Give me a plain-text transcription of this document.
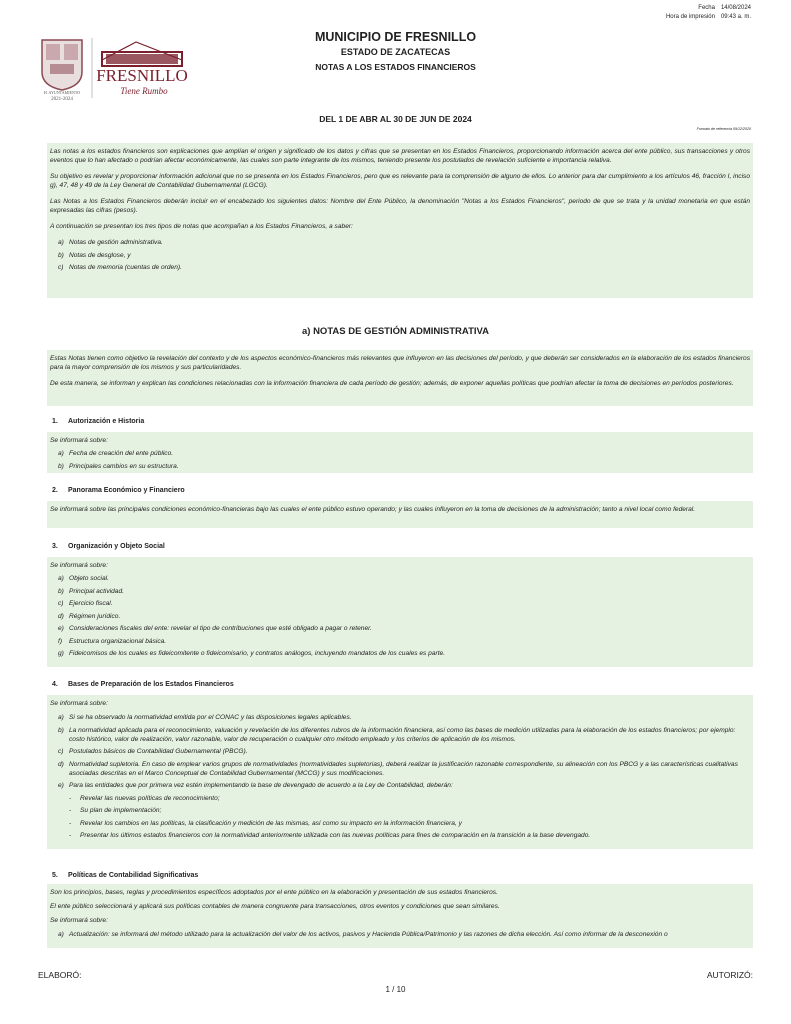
H. AYUNTAMIENTO
2021-2024
FRESNILLO
Tiene Rumbo
MUNICIPIO DE FRESNILLO
ESTADO DE ZACATECAS
NOTAS A LOS ESTADOS FINANCIEROS
Fecha 14/08/2024
Hora de impresión 09:43 a. m.
DEL 1 DE ABR AL 30 DE JUN DE 2024
Formato de referencia 09/12/2020

Las notas a los estados financieros son explicaciones que amplían el origen y significado de los datos y cifras que se presentan en los Estados Financieros, proporcionando información acerca del ente público, sus transacciones y otros eventos que lo han afectado o podrían afectar económicamente, las cuales son parte integrante de los mismos, teniendo presente los postulados de revelación suficiente e importancia relativa.

Su objetivo es revelar y proporcionar información adicional que no se presenta en los Estados Financieros, pero que es relevante para la comprensión de alguno de ellos. Lo anterior para dar cumplimiento a los artículos 46, fracción I, inciso g), 47, 48 y 49 de la Ley General de Contabilidad Gubernamental (LGCG).

Las Notas a los Estados Financieros deberán incluir en el encabezado los siguientes datos: Nombre del Ente Público, la denominación "Notas a los Estados Financieros", periodo de que se trata y la unidad monetaria en que están expresadas las cifras (pesos).

A continuación se presentan los tres tipos de notas que acompañan a los Estados Financieros, a saber:

a) Notas de gestión administrativa.
b) Notas de desglose, y
c) Notas de memoria (cuentas de orden).
a) NOTAS DE GESTIÓN ADMINISTRATIVA

Estas Notas tienen como objetivo la revelación del contexto y de los aspectos económico-financieros más relevantes que influyeron en las decisiones del período, y que deberán ser considerados en la elaboración de los estados financieros para la mayor comprensión de los mismos y sus particularidades.

De esta manera, se informan y explican las condiciones relacionadas con la información financiera de cada período de gestión; además, de exponer aquellas políticas que podrían afectar la toma de decisiones en períodos posteriores.

1. Autorización e Historia

Se informará sobre:

a) Fecha de creación del ente público.
b) Principales cambios en su estructura.
2. Panorama Económico y Financiero

Se informará sobre las principales condiciones económico-financieras bajo las cuales el ente público estuvo operando; y las cuales influyeron en la toma de decisiones de la administración; tanto a nivel local como federal.

3. Organización y Objeto Social

Se informará sobre:

a) Objeto social.
b) Principal actividad.
c) Ejercicio fiscal.
d) Régimen jurídico.
e) Consideraciones fiscales del ente: revelar el tipo de contribuciones que esté obligado a pagar o retener.
f) Estructura organizacional básica.
g) Fideicomisos de los cuales es fideicomitente o fideicomisario, y contratos análogos, incluyendo mandatos de los cuales es parte.
4. Bases de Preparación de los Estados Financieros

Se informará sobre:

a) Si se ha observado la normatividad emitida por el CONAC y las disposiciones legales aplicables.
b) La normatividad aplicada para el reconocimiento, valuación y revelación de los diferentes rubros de la información financiera, así como las bases de medición utilizadas para la elaboración de los estados financieros; por ejemplo: costo histórico, valor de realización, valor razonable, valor de recuperación o cualquier otro método empleado y los criterios de aplicación de los mismos.
c) Postulados básicos de Contabilidad Gubernamental (PBCG).
d) Normatividad supletoria. En caso de emplear varios grupos de normatividades (normatividades supletorias), deberá realizar la justificación razonable correspondiente, su alineación con los PBCG y a las características cualitativas asociadas descritas en el Marco Conceptual de Contabilidad Gubernamental (MCCG) y sus modificaciones.
e) Para las entidades que por primera vez estén implementando la base de devengado de acuerdo a la Ley de Contabilidad, deberán:
- Revelar las nuevas políticas de reconocimiento;
- Su plan de implementación;
- Revelar los cambios en las políticas, la clasificación y medición de las mismas, así como su impacto en la información financiera, y
- Presentar los últimos estados financieros con la normatividad anteriormente utilizada con las nuevas políticas para fines de comparación en la transición a la base devengado.
5. Políticas de Contabilidad Significativas

Son los principios, bases, reglas y procedimientos específicos adoptados por el ente público en la elaboración y presentación de sus estados financieros.

El ente público seleccionará y aplicará sus políticas contables de manera congruente para transacciones, otros eventos y condiciones que sean similares.

Se informará sobre:

a) Actualización: se informará del método utilizado para la actualización del valor de los activos, pasivos y Hacienda Pública/Patrimonio y las razones de dicha elección. Así como informar de la desconexión o
ELABORÓ:	AUTORIZÓ:
1 / 10
